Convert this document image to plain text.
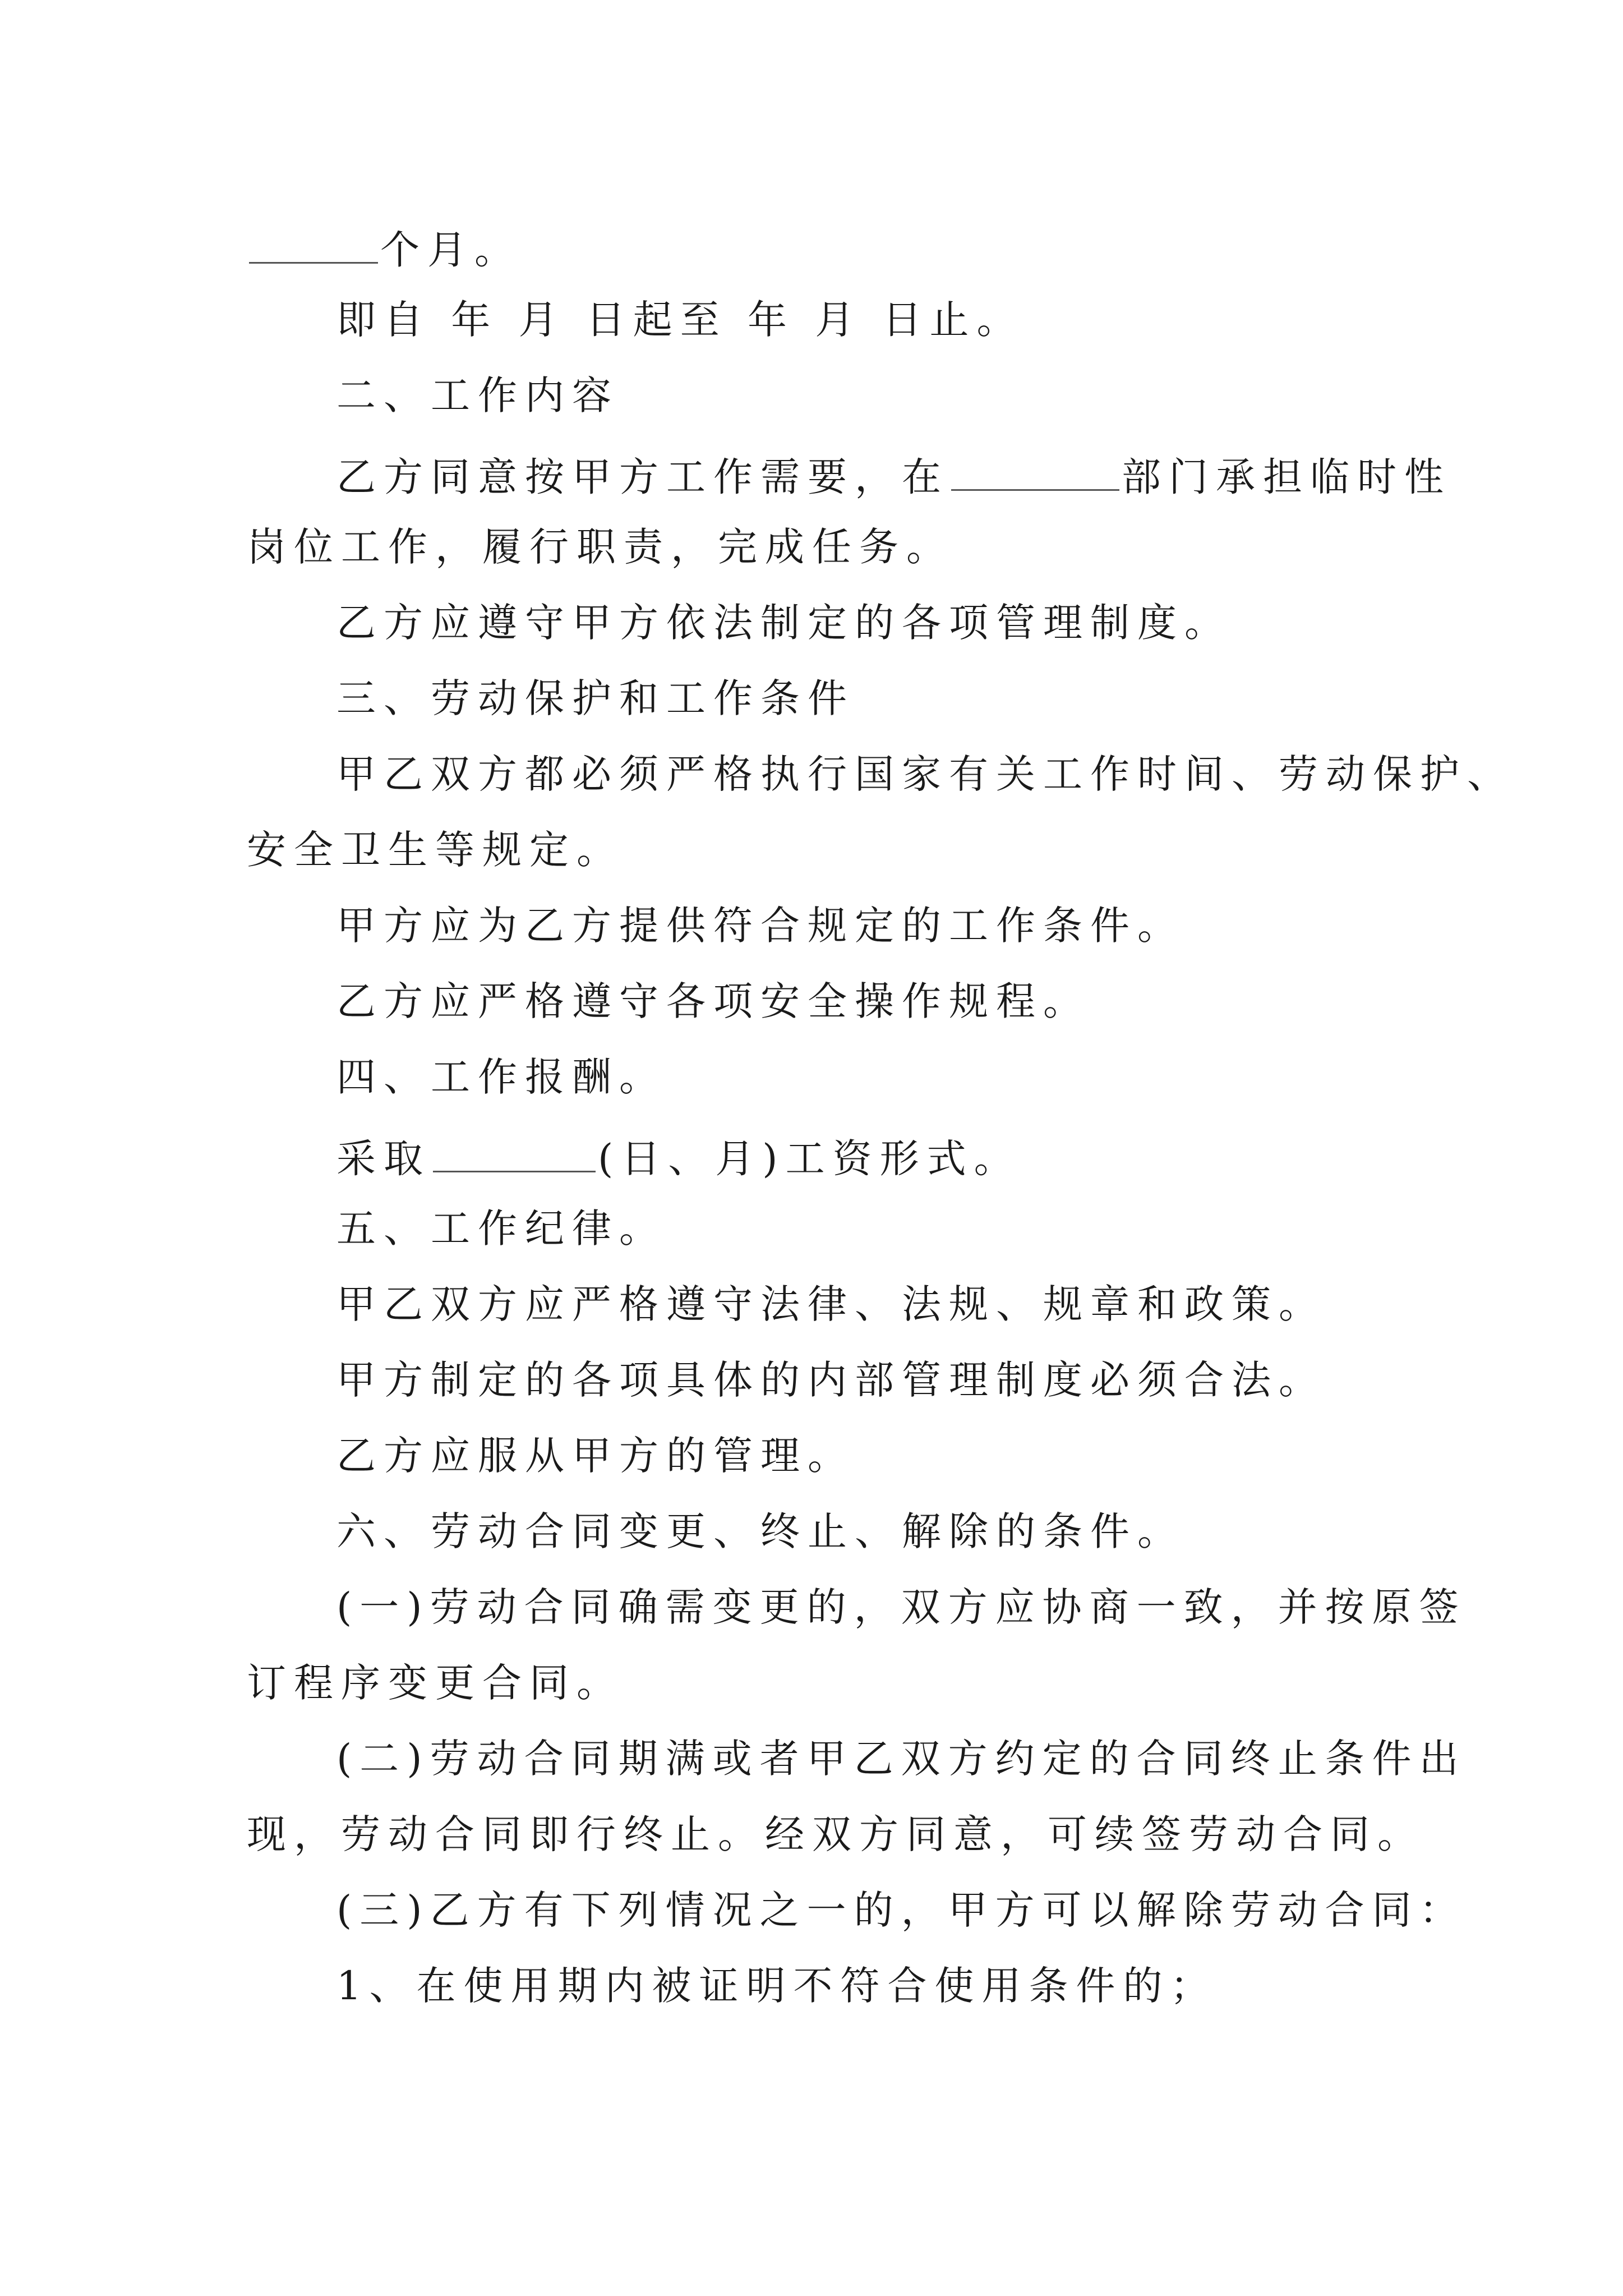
个月。
即自 年 月 日起至 年 月 日止。
二、工作内容
乙方同意按甲方工作需要，在	部门承担临时性
岗位工作，履行职责，完成任务。
乙方应遵守甲方依法制定的各项管理制度。
三、劳动保护和工作条件
甲乙双方都必须严格执行国家有关工作时间、劳动保护、
安全卫生等规定。
甲方应为乙方提供符合规定的工作条件。
乙方应严格遵守各项安全操作规程。
四、工作报酬。
采取	(日、月)工资形式。
五、工作纪律。
甲乙双方应严格遵守法律、法规、规章和政策。
甲方制定的各项具体的内部管理制度必须合法。
乙方应服从甲方的管理。
六、劳动合同变更、终止、解除的条件。
(一)劳动合同确需变更的，双方应协商一致，并按原签
订程序变更合同。
(二)劳动合同期满或者甲乙双方约定的合同终止条件出
现，劳动合同即行终止。经双方同意，可续签劳动合同。
(三)乙方有下列情况之一的，甲方可以解除劳动合同：
1、在使用期内被证明不符合使用条件的；
